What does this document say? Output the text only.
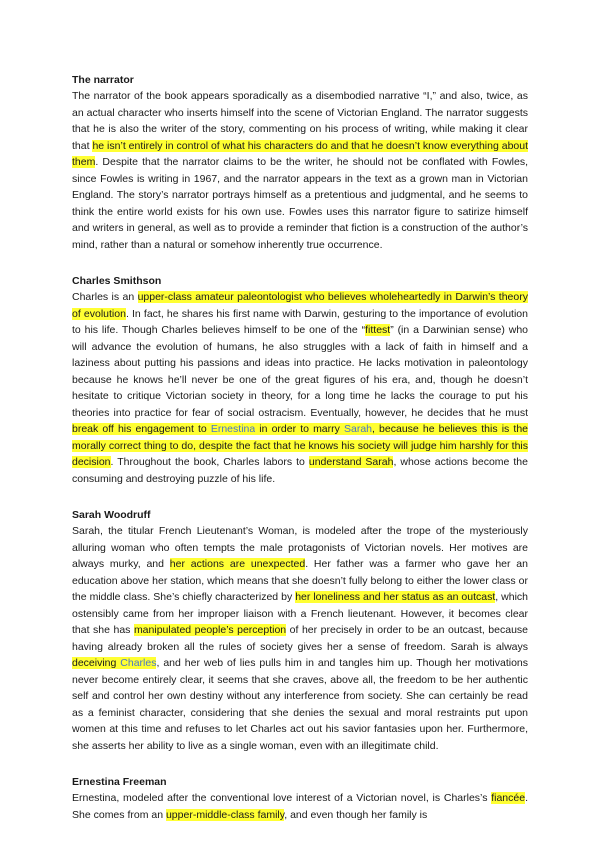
The narrator

The narrator of the book appears sporadically as a disembodied narrative “I,” and also, twice, as an actual character who inserts himself into the scene of Victorian England. The narrator suggests that he is also the writer of the story, commenting on his process of writing, while making it clear that he isn’t entirely in control of what his characters do and that he doesn’t know everything about them. Despite that the narrator claims to be the writer, he should not be conflated with Fowles, since Fowles is writing in 1967, and the narrator appears in the text as a grown man in Victorian England. The story’s narrator portrays himself as a pretentious and judgmental, and he seems to think the entire world exists for his own use. Fowles uses this narrator figure to satirize himself and writers in general, as well as to provide a reminder that fiction is a construction of the author’s mind, rather than a natural or somehow inherently true occurrence.

Charles Smithson

Charles is an upper-class amateur paleontologist who believes wholeheartedly in Darwin’s theory of evolution. In fact, he shares his first name with Darwin, gesturing to the importance of evolution to his life. Though Charles believes himself to be one of the “fittest” (in a Darwinian sense) who will advance the evolution of humans, he also struggles with a lack of faith in himself and a laziness about putting his passions and ideas into practice. He lacks motivation in paleontology because he knows he’ll never be one of the great figures of his era, and, though he doesn’t hesitate to critique Victorian society in theory, for a long time he lacks the courage to put his theories into practice for fear of social ostracism. Eventually, however, he decides that he must break off his engagement to Ernestina in order to marry Sarah, because he believes this is the morally correct thing to do, despite the fact that he knows his society will judge him harshly for this decision. Throughout the book, Charles labors to understand Sarah, whose actions become the consuming and destroying puzzle of his life.

Sarah Woodruff

Sarah, the titular French Lieutenant’s Woman, is modeled after the trope of the mysteriously alluring woman who often tempts the male protagonists of Victorian novels. Her motives are always murky, and her actions are unexpected. Her father was a farmer who gave her an education above her station, which means that she doesn’t fully belong to either the lower class or the middle class. She’s chiefly characterized by her loneliness and her status as an outcast, which ostensibly came from her improper liaison with a French lieutenant. However, it becomes clear that she has manipulated people’s perception of her precisely in order to be an outcast, because having already broken all the rules of society gives her a sense of freedom. Sarah is always deceiving Charles, and her web of lies pulls him in and tangles him up. Though her motivations never become entirely clear, it seems that she craves, above all, the freedom to be her authentic self and control her own destiny without any interference from society. She can certainly be read as a feminist character, considering that she denies the sexual and moral restraints put upon women at this time and refuses to let Charles act out his savior fantasies upon her. Furthermore, she asserts her ability to live as a single woman, even with an illegitimate child.

Ernestina Freeman

Ernestina, modeled after the conventional love interest of a Victorian novel, is Charles’s fiancée. She comes from an upper-middle-class family, and even though her family is
